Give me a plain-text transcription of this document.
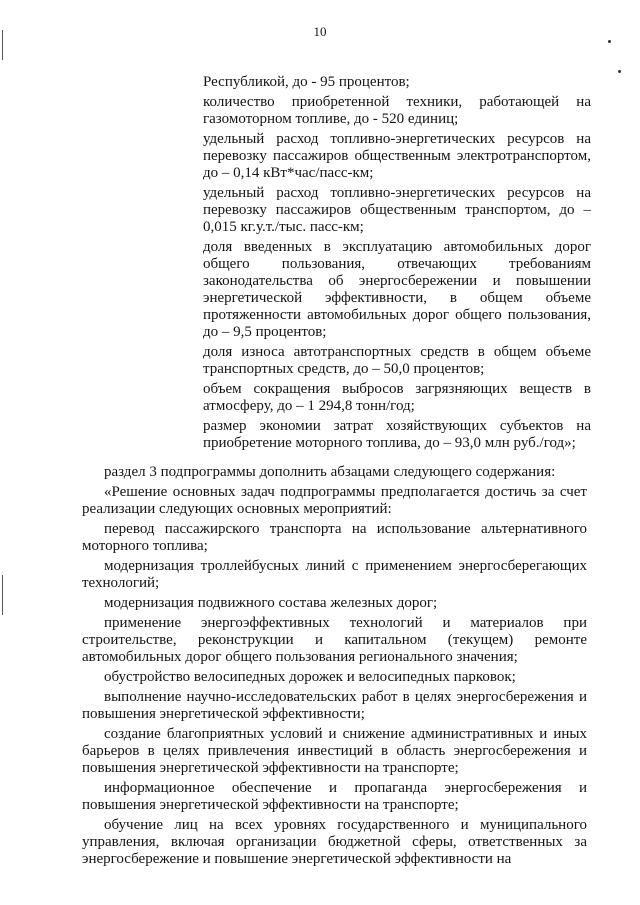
10
Республикой, до - 95 процентов;
количество приобретенной техники, работающей на
газомоторном топливе, до - 520 единиц;
удельный расход топливно-энергетических ресурсов на
перевозку пассажиров общественным электротранспортом,
до – 0,14 кВт*час/пасс-км;
удельный расход топливно-энергетических ресурсов на
перевозку пассажиров общественным транспортом, до –
0,015 кг.у.т./тыс. пасс-км;
доля введенных в эксплуатацию автомобильных дорог
общего пользования, отвечающих требованиям
законодательства об энергосбережении и повышении
энергетической эффективности, в общем объеме
протяженности автомобильных дорог общего пользования,
до – 9,5 процентов;
доля износа автотранспортных средств в общем объеме
транспортных средств, до – 50,0 процентов;
объем сокращения выбросов загрязняющих веществ в
атмосферу, до – 1 294,8 тонн/год;
размер экономии затрат хозяйствующих субъектов на
приобретение моторного топлива, до – 93,0 млн руб./год»;
раздел 3 подпрограммы дополнить абзацами следующего содержания:
«Решение основных задач подпрограммы предполагается достичь за счет
реализации следующих основных мероприятий:
перевод пассажирского транспорта на использование альтернативного
моторного топлива;
модернизация троллейбусных линий с применением энергосберегающих
технологий;
модернизация подвижного состава железных дорог;
применение энергоэффективных технологий и материалов при
строительстве, реконструкции и капитальном (текущем) ремонте
автомобильных дорог общего пользования регионального значения;
обустройство велосипедных дорожек и велосипедных парковок;
выполнение научно-исследовательских работ в целях энергосбережения и
повышения энергетической эффективности;
создание благоприятных условий и снижение административных и иных
барьеров в целях привлечения инвестиций в область энергосбережения и
повышения энергетической эффективности на транспорте;
информационное обеспечение и пропаганда энергосбережения и
повышения энергетической эффективности на транспорте;
обучение лиц на всех уровнях государственного и муниципального
управления, включая организации бюджетной сферы, ответственных за
энергосбережение и повышение энергетической эффективности на
